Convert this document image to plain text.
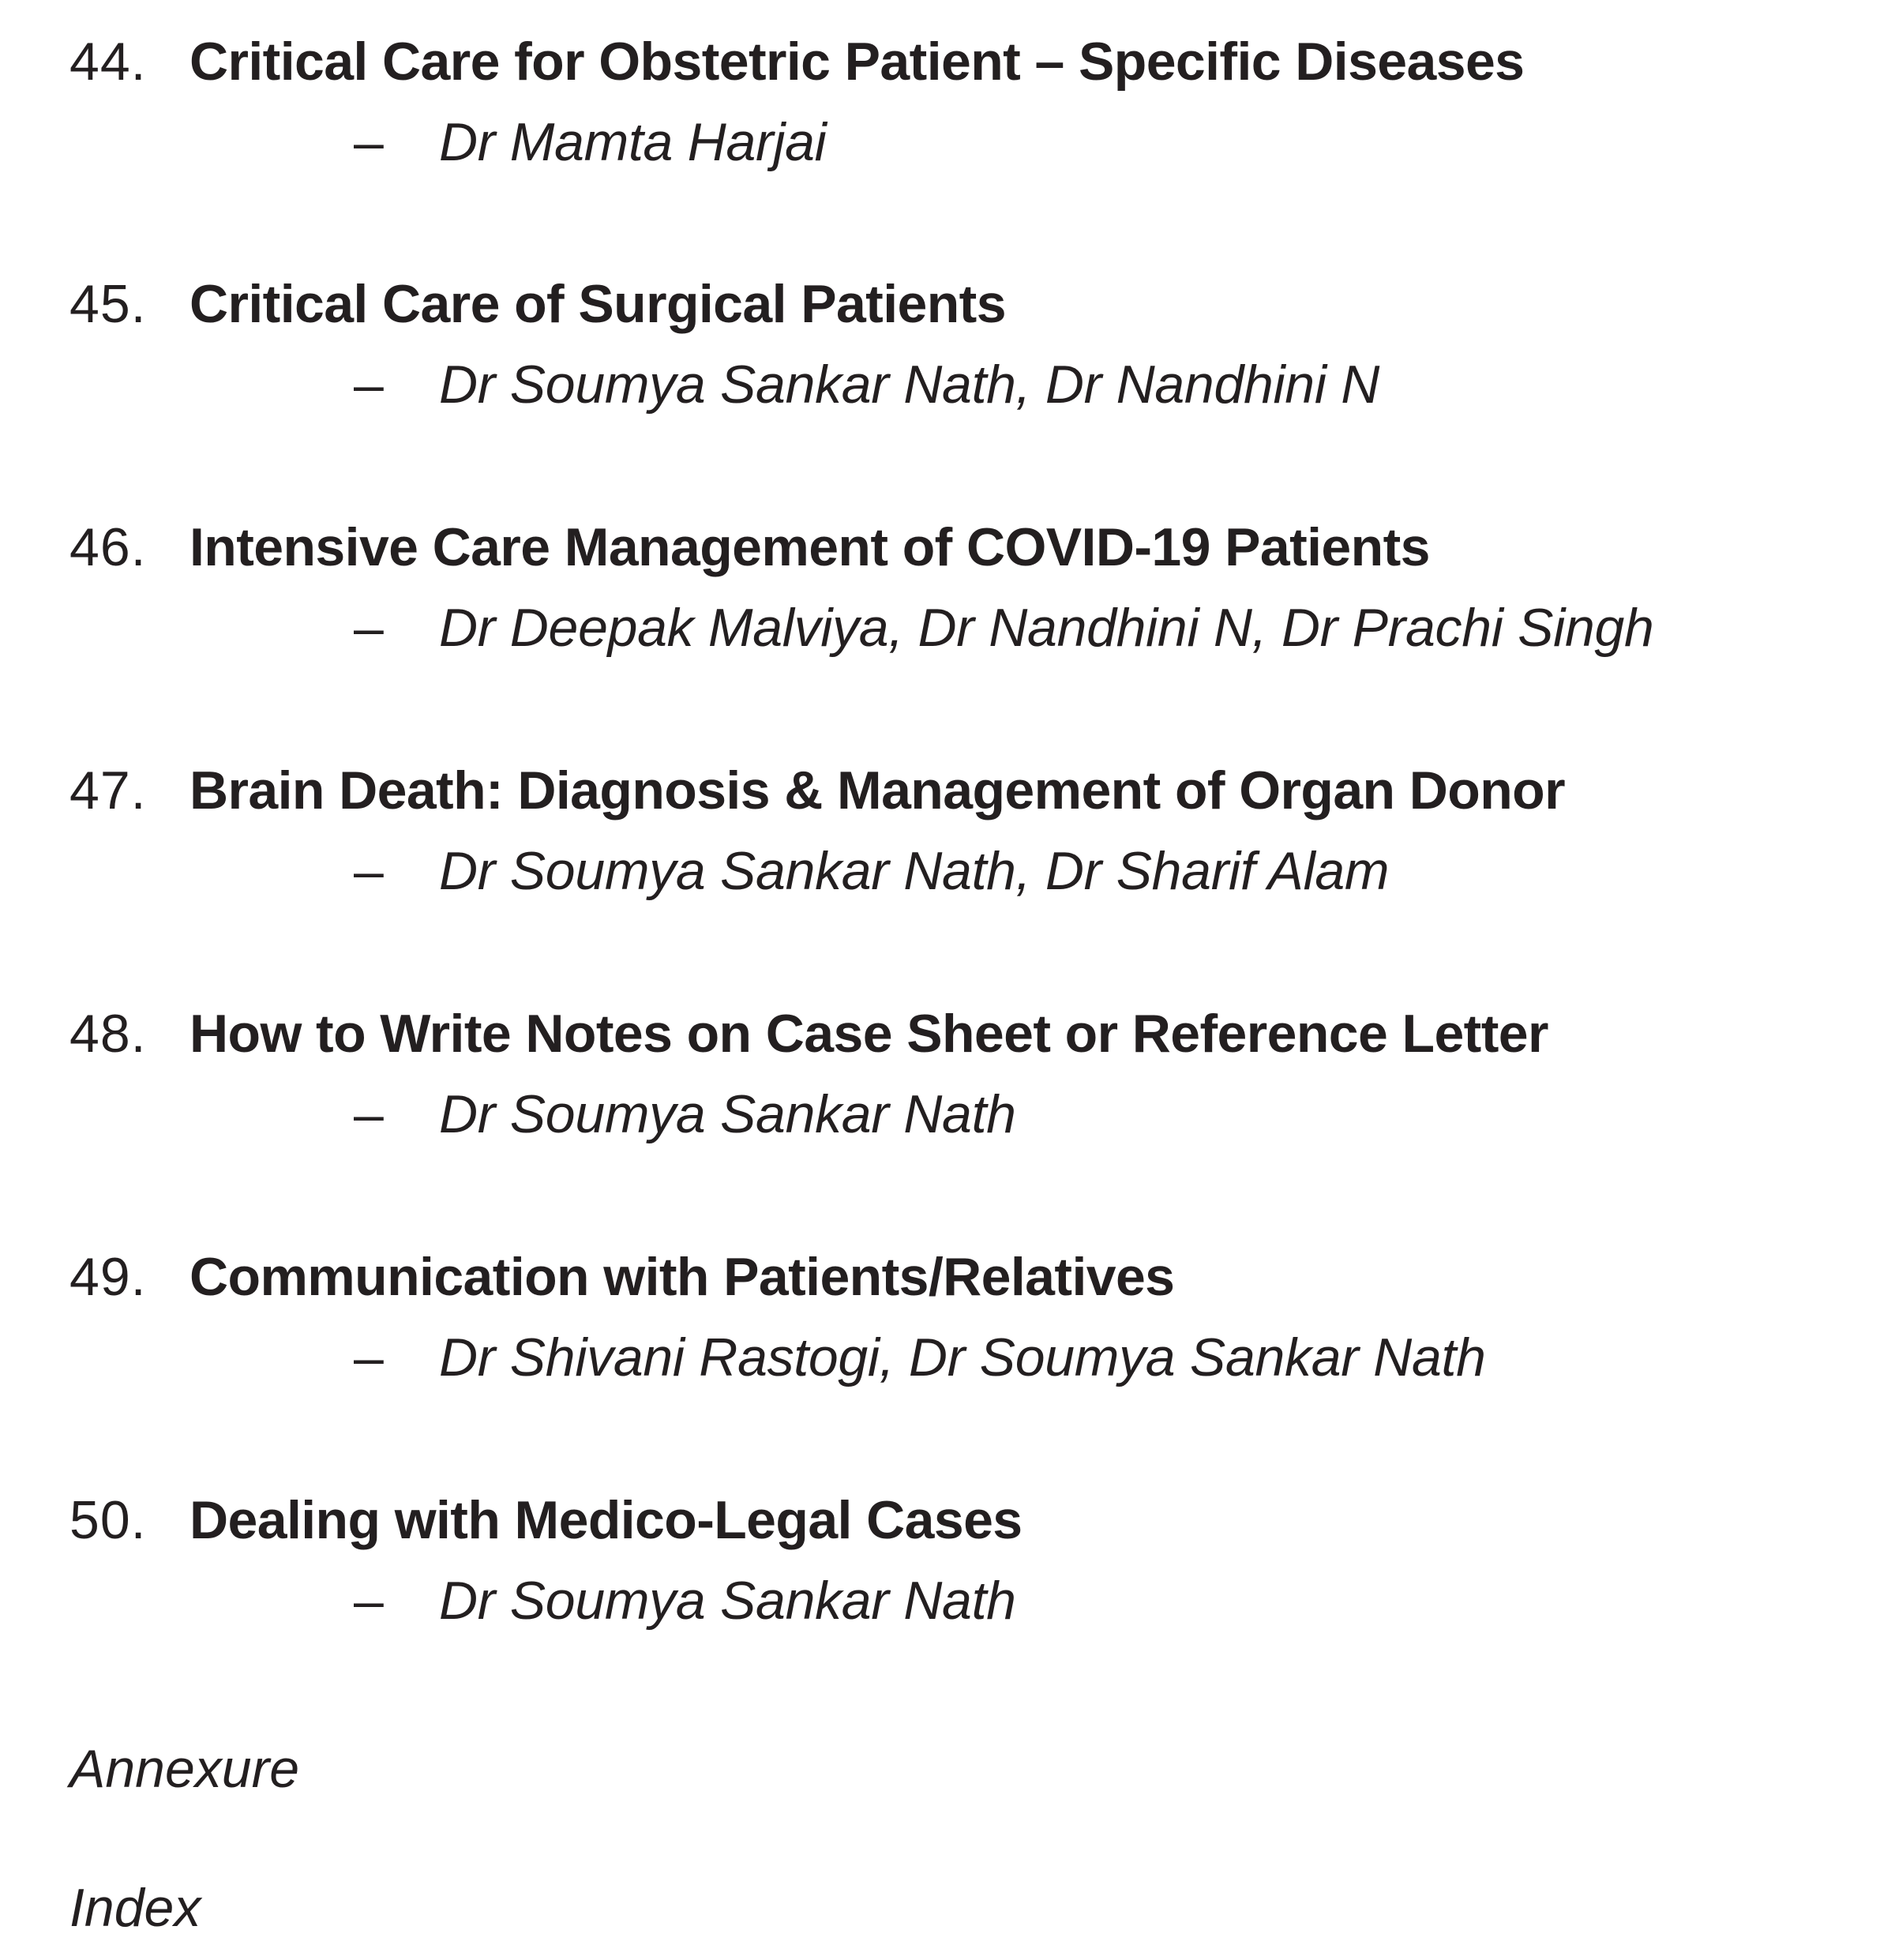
44. Critical Care for Obstetric Patient – Specific Diseases
– Dr Mamta Harjai
45. Critical Care of Surgical Patients
– Dr Soumya Sankar Nath, Dr Nandhini N
46. Intensive Care Management of COVID-19 Patients
– Dr Deepak Malviya, Dr Nandhini N, Dr Prachi Singh
47. Brain Death: Diagnosis & Management of Organ Donor
– Dr Soumya Sankar Nath, Dr Sharif Alam
48. How to Write Notes on Case Sheet or Reference Letter
– Dr Soumya Sankar Nath
49. Communication with Patients/Relatives
– Dr Shivani Rastogi, Dr Soumya Sankar Nath
50. Dealing with Medico-Legal Cases
– Dr Soumya Sankar Nath
Annexure
Index
